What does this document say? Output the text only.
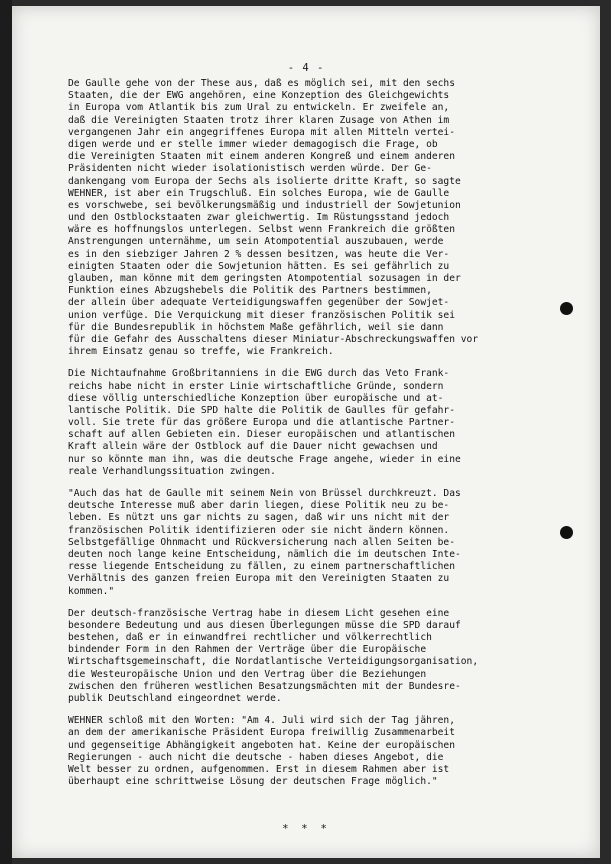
- 4 -
De Gaulle gehe von der These aus, daß es möglich sei, mit den sechs
Staaten, die der EWG angehören, eine Konzeption des Gleichgewichts
in Europa vom Atlantik bis zum Ural zu entwickeln. Er zweifele an,
daß die Vereinigten Staaten trotz ihrer klaren Zusage von Athen im
vergangenen Jahr ein angegriffenes Europa mit allen Mitteln vertei-
digen werde und er stelle immer wieder demagogisch die Frage, ob
die Vereinigten Staaten mit einem anderen Kongreß und einem anderen
Präsidenten nicht wieder isolationistisch werden würde. Der Ge-
dankengang vom Europa der Sechs als isolierte dritte Kraft, so sagte
WEHNER, ist aber ein Trugschluß. Ein solches Europa, wie de Gaulle
es vorschwebe, sei bevölkerungsmäßig und industriell der Sowjetunion
und den Ostblockstaaten zwar gleichwertig. Im Rüstungsstand jedoch
wäre es hoffnungslos unterlegen. Selbst wenn Frankreich die größten
Anstrengungen unternähme, um sein Atompotential auszubauen, werde
es in den siebziger Jahren 2 % dessen besitzen, was heute die Ver-
einigten Staaten oder die Sowjetunion hätten. Es sei gefährlich zu
glauben, man könne mit dem geringsten Atompotential sozusagen in der
Funktion eines Abzugshebels die Politik des Partners bestimmen,
der allein über adequate Verteidigungswaffen gegenüber der Sowjet-
union verfüge. Die Verquickung mit dieser französischen Politik sei
für die Bundesrepublik in höchstem Maße gefährlich, weil sie dann
für die Gefahr des Ausschaltens dieser Miniatur-Abschreckungswaffen vor
ihrem Einsatz genau so treffe, wie Frankreich.
Die Nichtaufnahme Großbritanniens in die EWG durch das Veto Frank-
reichs habe nicht in erster Linie wirtschaftliche Gründe, sondern
diese völlig unterschiedliche Konzeption über europäische und at-
lantische Politik. Die SPD halte die Politik de Gaulles für gefahr-
voll. Sie trete für das größere Europa und die atlantische Partner-
schaft auf allen Gebieten ein. Dieser europäischen und atlantischen
Kraft allein wäre der Ostblock auf die Dauer nicht gewachsen und
nur so könnte man ihn, was die deutsche Frage angehe, wieder in eine
reale Verhandlungssituation zwingen.
"Auch das hat de Gaulle mit seinem Nein von Brüssel durchkreuzt. Das
deutsche Interesse muß aber darin liegen, diese Politik neu zu be-
leben. Es nützt uns gar nichts zu sagen, daß wir uns nicht mit der
französischen Politik identifizieren oder sie nicht ändern können.
Selbstgefällige Ohnmacht und Rückversicherung nach allen Seiten be-
deuten noch lange keine Entscheidung, nämlich die im deutschen Inte-
resse liegende Entscheidung zu fällen, zu einem partnerschaftlichen
Verhältnis des ganzen freien Europa mit den Vereinigten Staaten zu
kommen."
Der deutsch-französische Vertrag habe in diesem Licht gesehen eine
besondere Bedeutung und aus diesen Überlegungen müsse die SPD darauf
bestehen, daß er in einwandfrei rechtlicher und völkerrechtlich
bindender Form in den Rahmen der Verträge über die Europäische
Wirtschaftsgemeinschaft, die Nordatlantische Verteidigungsorganisation,
die Westeuropäische Union und den Vertrag über die Beziehungen
zwischen den früheren westlichen Besatzungsmächten mit der Bundesre-
publik Deutschland eingeordnet werde.
WEHNER schloß mit den Worten: "Am 4. Juli wird sich der Tag jähren,
an dem der amerikanische Präsident Europa freiwillig Zusammenarbeit
und gegenseitige Abhängigkeit angeboten hat. Keine der europäischen
Regierungen - auch nicht die deutsche - haben dieses Angebot, die
Welt besser zu ordnen, aufgenommen. Erst in diesem Rahmen aber ist
überhaupt eine schrittweise Lösung der deutschen Frage möglich."
* * *
